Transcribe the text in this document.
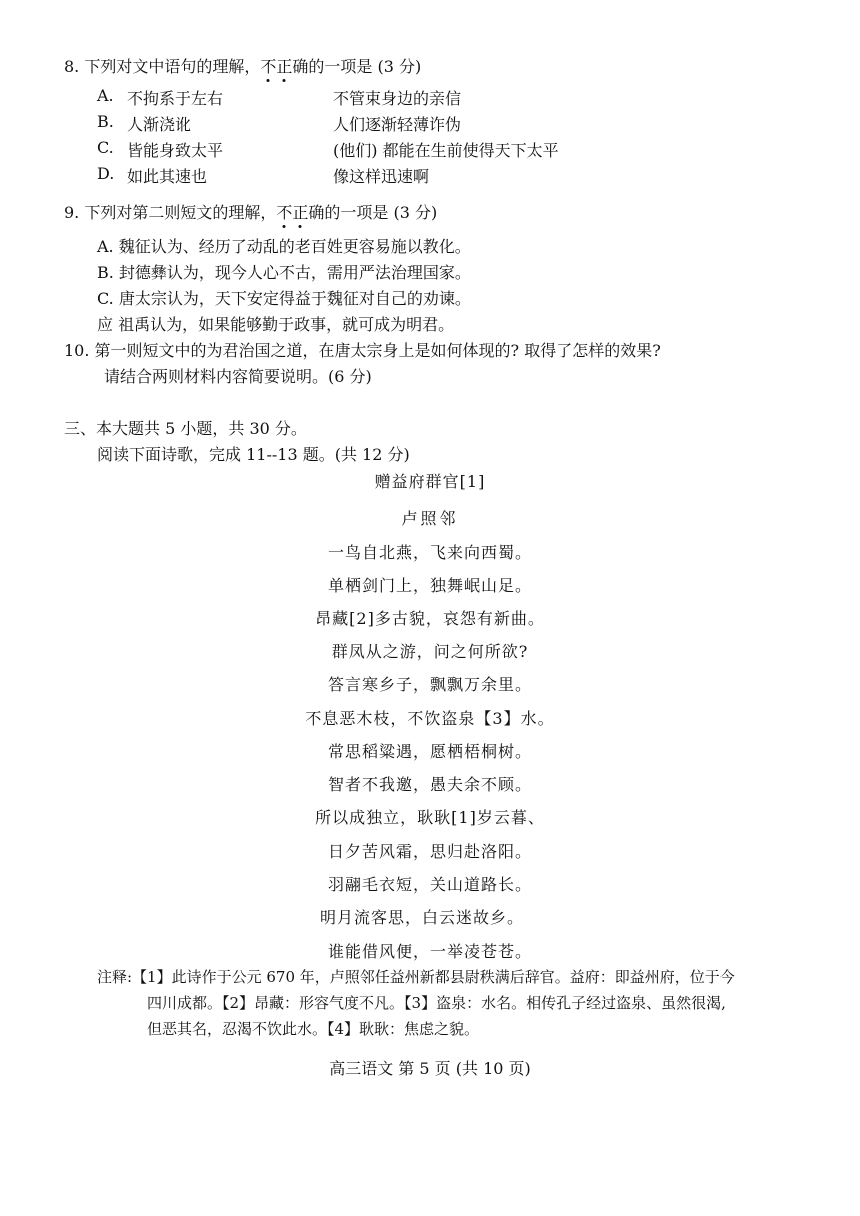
8. 下列对文中语句的理解，不正确的一项是 (3 分)
A. 不拘系于左右	不管束身边的亲信
B. 人渐浇讹	人们逐渐轻薄诈伪
C. 皆能身致太平	(他们) 都能在生前使得天下太平
D. 如此其速也	像这样迅速啊
9. 下列对第二则短文的理解，不正确的一项是 (3 分)
A. 魏征认为、经历了动乱的老百姓更容易施以教化。
B. 封德彝认为，现今人心不古，需用严法治理国家。
C. 唐太宗认为，天下安定得益于魏征对自己的劝谏。
应 祖禹认为，如果能够勤于政事，就可成为明君。
10. 第一则短文中的为君治国之道，在唐太宗身上是如何体现的? 取得了怎样的效果?
请结合两则材料内容简要说明。(6 分)
三、本大题共 5 小题，共 30 分。
阅读下面诗歌，完成 11--13 题。(共 12 分)
赠益府群官[1]
卢照邻
一鸟自北燕，飞来向西蜀。
单栖剑门上，独舞岷山足。
昂藏[2]多古貌，哀怨有新曲。
群凤从之游，问之何所欲?
答言寒乡子，飘飘万余里。
不息恶木枝，不饮盗泉【3】水。
常思稻粱遇，愿栖梧桐树。
智者不我邀，愚夫余不顾。
所以成独立，耿耿[1]岁云暮、
日夕苦风霜，思归赴洛阳。
羽翮毛衣短，关山道路长。
明月流客思，白云迷故乡。
谁能借风便，一举凌苍苍。
注释:【1】此诗作于公元 670 年，卢照邻任益州新都县尉秩满后辞官。益府：即益州府，位于今
四川成都。【2】昂藏：形容气度不凡。【3】盗泉：水名。相传孔子经过盗泉、虽然很渴,
但恶其名，忍渴不饮此水。【4】耿耿：焦虑之貌。
高三语文 第 5 页 (共 10 页)
